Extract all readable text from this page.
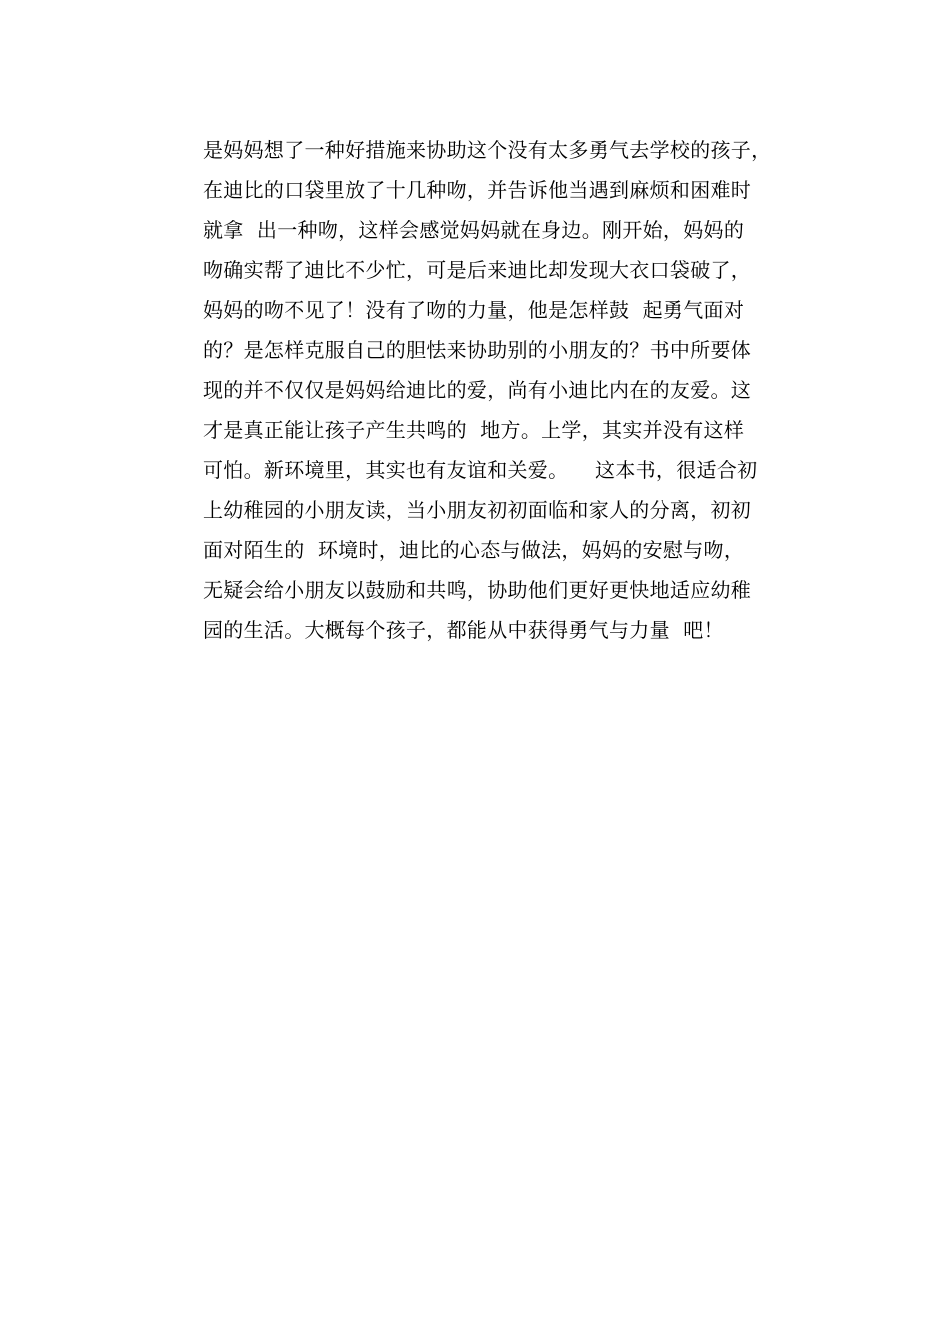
是妈妈想了一种好措施来协助这个没有太多勇气去学校的孩子，
在迪比的口袋里放了十几种吻，并告诉他当遇到麻烦和困难时
就拿  出一种吻，这样会感觉妈妈就在身边。刚开始，妈妈的
吻确实帮了迪比不少忙，可是后来迪比却发现大衣口袋破了，
妈妈的吻不见了！没有了吻的力量，他是怎样鼓  起勇气面对
的？是怎样克服自己的胆怯来协助别的小朋友的？书中所要体
现的并不仅仅是妈妈给迪比的爱，尚有小迪比内在的友爱。这
才是真正能让孩子产生共鸣的  地方。上学，其实并没有这样
可怕。新环境里，其实也有友谊和关爱。    这本书，很适合初
上幼稚园的小朋友读，当小朋友初初面临和家人的分离，初初
面对陌生的  环境时，迪比的心态与做法，妈妈的安慰与吻，
无疑会给小朋友以鼓励和共鸣，协助他们更好更快地适应幼稚
园的生活。大概每个孩子，都能从中获得勇气与力量  吧！
